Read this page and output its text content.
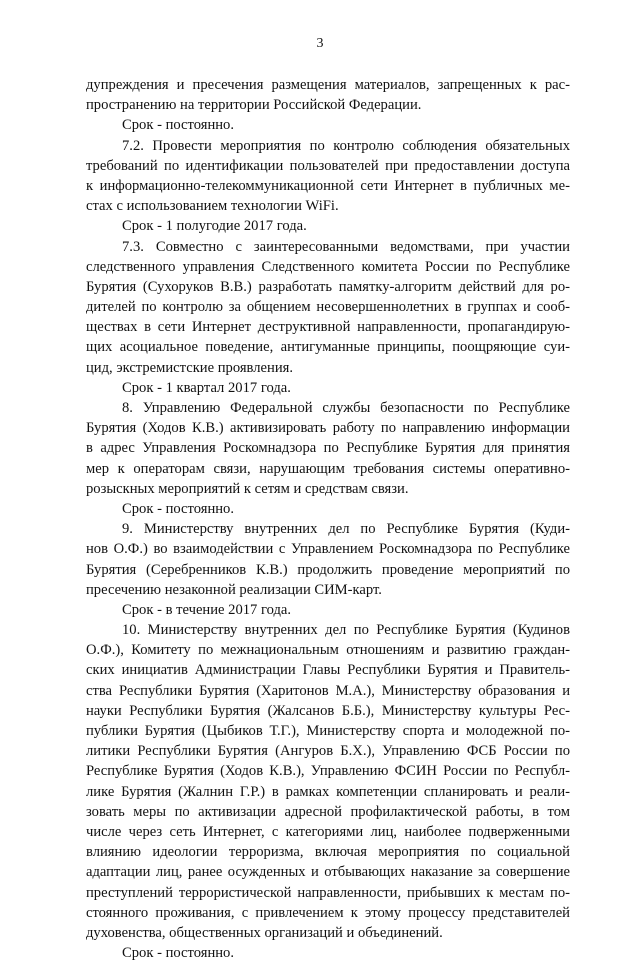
3
дупреждения и пресечения размещения материалов, запрещенных к рас-
пространению на территории Российской Федерации.
Срок - постоянно.
7.2. Провести мероприятия по контролю соблюдения обязательных
требований по идентификации пользователей при предоставлении доступа
к информационно-телекоммуникационной сети Интернет в публичных ме-
стах с использованием технологии WiFi.
Срок - 1 полугодие 2017 года.
7.3. Совместно с заинтересованными ведомствами, при участии
следственного управления Следственного комитета России по Республике
Бурятия (Сухоруков В.В.) разработать памятку-алгоритм действий для ро-
дителей по контролю за общением несовершеннолетних в группах и сооб-
ществах в сети Интернет деструктивной направленности, пропагандирую-
щих асоциальное поведение, антигуманные принципы, поощряющие суи-
цид, экстремистские проявления.
Срок - 1 квартал 2017 года.
8. Управлению Федеральной службы безопасности по Республике
Бурятия (Ходов К.В.) активизировать работу по направлению информации
в адрес Управления Роскомнадзора по Республике Бурятия для принятия
мер к операторам связи, нарушающим требования системы оперативно-
розыскных мероприятий к сетям и средствам связи.
Срок - постоянно.
9. Министерству внутренних дел по Республике Бурятия (Куди-
нов О.Ф.) во взаимодействии с Управлением Роскомнадзора по Республике
Бурятия (Серебренников К.В.) продолжить проведение мероприятий по
пресечению незаконной реализации СИМ-карт.
Срок - в течение 2017 года.
10. Министерству внутренних дел по Республике Бурятия (Кудинов
О.Ф.), Комитету по межнациональным отношениям и развитию граждан-
ских инициатив Администрации Главы Республики Бурятия и Правитель-
ства Республики Бурятия (Харитонов М.А.), Министерству образования и
науки Республики Бурятия (Жалсанов Б.Б.), Министерству культуры Рес-
публики Бурятия (Цыбиков Т.Г.), Министерству спорта и молодежной по-
литики Республики Бурятия (Ангуров Б.Х.), Управлению ФСБ России по
Республике Бурятия (Ходов К.В.), Управлению ФСИН России по Республ-
лике Бурятия (Жалнин Г.Р.) в рамках компетенции спланировать и реали-
зовать меры по активизации адресной профилактической работы, в том
числе через сеть Интернет, с категориями лиц, наиболее подверженными
влиянию идеологии терроризма, включая мероприятия по социальной
адаптации лиц, ранее осужденных и отбывающих наказание за совершение
преступлений террористической направленности, прибывших к местам по-
стоянного проживания, с привлечением к этому процессу представителей
духовенства, общественных организаций и объединений.
Срок - постоянно.
